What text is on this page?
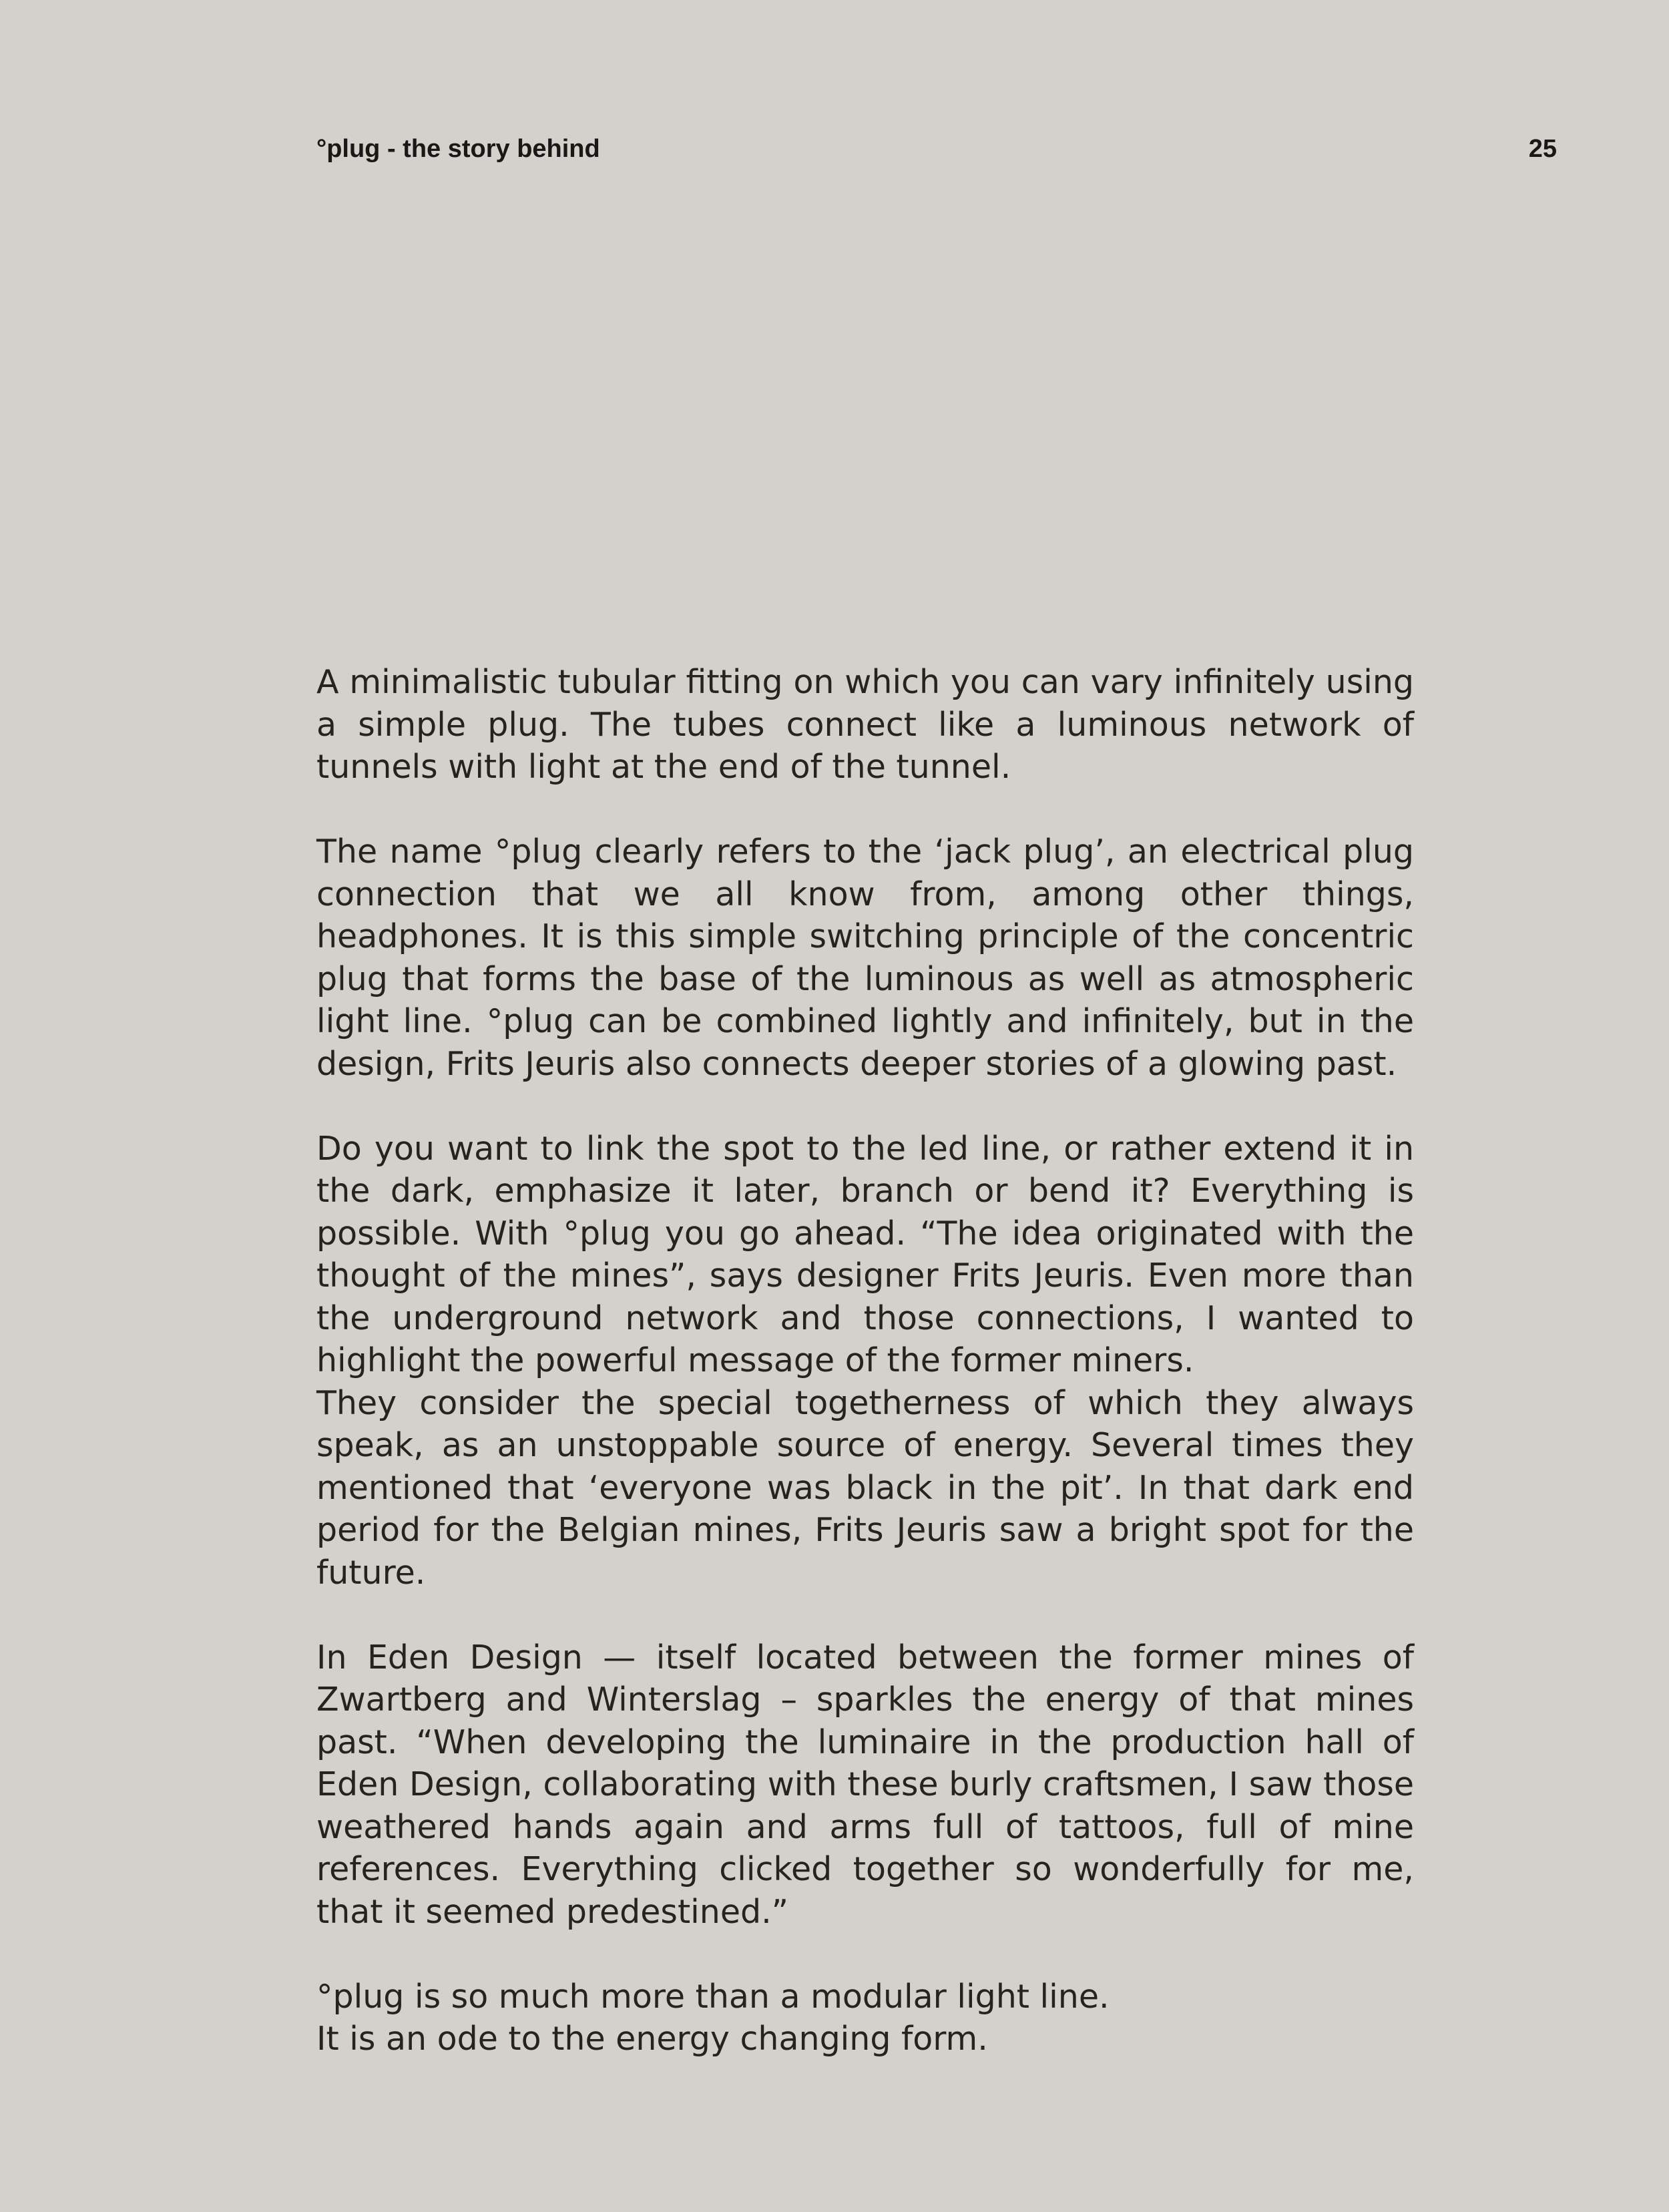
°plug - the story behind	25

A minimalistic tubular fitting on which you can vary infinitely using a simple plug. The tubes connect like a luminous network of tunnels with light at the end of the tunnel.

The name °plug clearly refers to the ‘jack plug’, an electrical plug connection that we all know from, among other things, headphones. It is this simple switching principle of the concentric plug that forms the base of the luminous as well as atmospheric light line. °plug can be combined lightly and infinitely, but in the design, Frits Jeuris also connects deeper stories of a glowing past.

Do you want to link the spot to the led line, or rather extend it in the dark, emphasize it later, branch or bend it? Everything is possible. With °plug you go ahead. “The idea originated with the thought of the mines”, says designer Frits Jeuris. Even more than the underground network and those connections, I wanted to highlight the powerful message of the former miners.

They consider the special togetherness of which they always speak, as an unstoppable source of energy. Several times they mentioned that ‘everyone was black in the pit’. In that dark end period for the Belgian mines, Frits Jeuris saw a bright spot for the future.

In Eden Design — itself located between the former mines of Zwartberg and Winterslag – sparkles the energy of that mines past. “When developing the luminaire in the production hall of Eden Design, collaborating with these burly craftsmen, I saw those weathered hands again and arms full of tattoos, full of mine references. Everything clicked together so wonderfully for me, that it seemed predestined.”

°plug is so much more than a modular light line.

It is an ode to the energy changing form.
